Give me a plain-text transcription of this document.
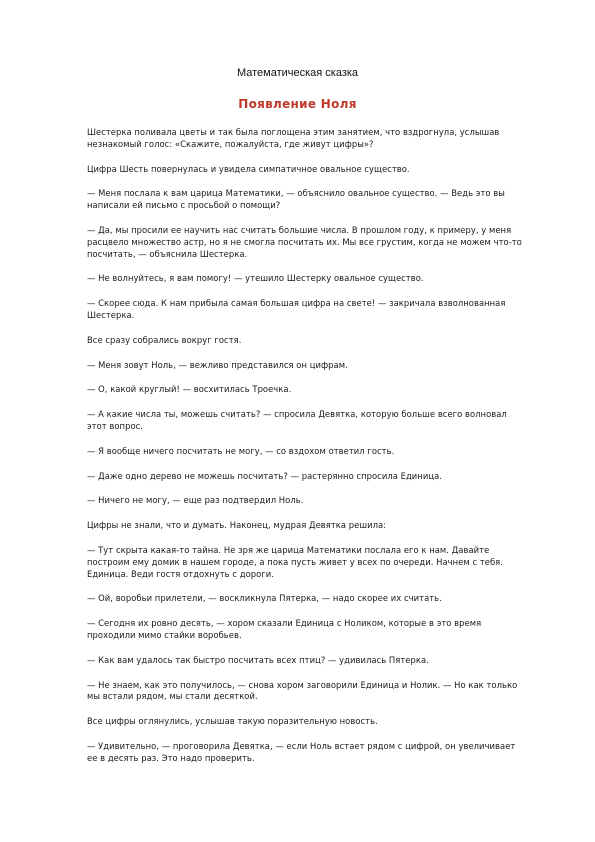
Математическая сказка
Появление Ноля

Шестерка поливала цветы и так была поглощена этим занятием, что вздрогнула, услышав незнакомый голос: «Скажите, пожалуйста, где живут цифры»?

Цифра Шесть повернулась и увидела симпатичное овальное существо.

— Меня послала к вам царица Математики, — объяснило овальное существо. — Ведь это вы написали ей письмо с просьбой о помощи?

— Да, мы просили ее научить нас считать большие числа. В прошлом году, к примеру, у меня расцвело множество астр, но я не смогла посчитать их. Мы все грустим, когда не можем что-то посчитать, — объяснила Шестерка.

— Не волнуйтесь, я вам помогу! — утешило Шестерку овальное существо.

— Скорее сюда. К нам прибыла самая большая цифра на свете! — закричала взволнованная Шестерка.

Все сразу собрались вокруг гостя.

— Меня зовут Ноль, — вежливо представился он цифрам.

— О, какой круглый! — восхитилась Троечка.

— А какие числа ты, можешь считать? — спросила Девятка, которую больше всего волновал этот вопрос.

— Я вообще ничего посчитать не могу, — со вздохом ответил гость.

— Даже одно дерево не можешь посчитать? — растерянно спросила Единица.

— Ничего не могу, — еще раз подтвердил Ноль.

Цифры не знали, что и думать. Наконец, мудрая Девятка решила:

— Тут скрыта какая-то тайна. Не зря же царица Математики послала его к нам. Давайте построим ему домик в нашем городе, а пока пусть живет у всех по очереди. Начнем с тебя. Единица. Веди гостя отдохнуть с дороги.

— Ой, воробьи прилетели, — воскликнула Пятерка, — надо скорее их считать.

— Сегодня их ровно десять, — хором сказали Единица с Ноликом, которые в это время проходили мимо стайки воробьев.

— Как вам удалось так быстро посчитать всех птиц? — удивилась Пятерка.

— Не знаем, как это получилось, — снова хором заговорили Единица и Нолик. — Но как только мы встали рядом, мы стали десяткой.

Все цифры оглянулись, услышав такую поразительную новость.

— Удивительно, — проговорила Девятка, — если Ноль встает рядом с цифрой, он увеличивает ее в десять раз. Это надо проверить.
